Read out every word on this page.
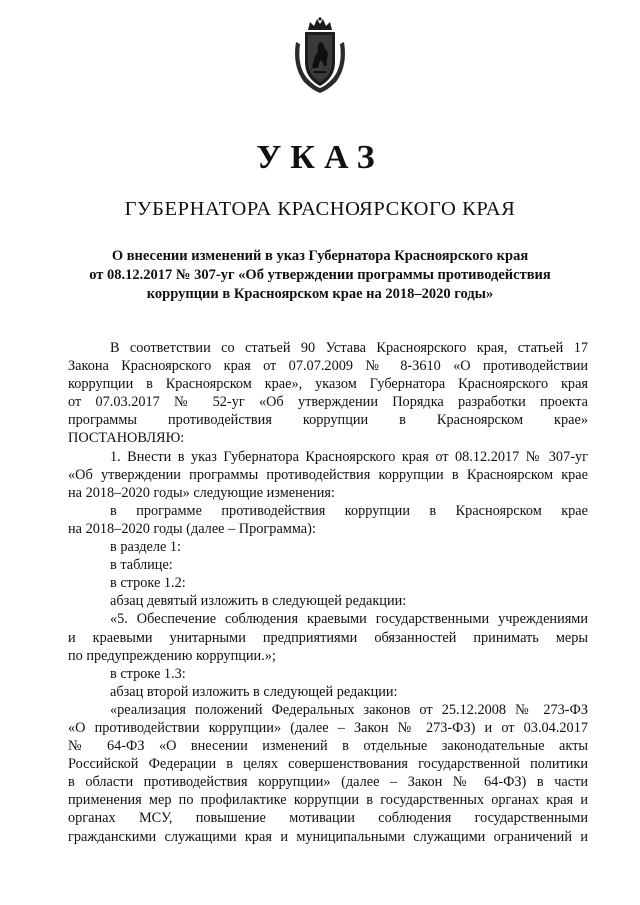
УКАЗ
ГУБЕРНАТОРА КРАСНОЯРСКОГО КРАЯ
О внесении изменений в указ Губернатора Красноярского края
от 08.12.2017 № 307-уг «Об утверждении программы противодействия
коррупции в Красноярском крае на 2018–2020 годы»
В соответствии со статьей 90 Устава Красноярского края, статьей 17
Закона Красноярского края от 07.07.2009 № 8-3610 «О противодействии
коррупции в Красноярском крае», указом Губернатора Красноярского края
от 07.03.2017 № 52-уг «Об утверждении Порядка разработки проекта
программы противодействия коррупции в Красноярском крае»
ПОСТАНОВЛЯЮ:
1. Внести в указ Губернатора Красноярского края от 08.12.2017 № 307-уг
«Об утверждении программы противодействия коррупции в Красноярском крае
на 2018–2020 годы» следующие изменения:
в программе противодействия коррупции в Красноярском крае
на 2018–2020 годы (далее – Программа):
в разделе 1:
в таблице:
в строке 1.2:
абзац девятый изложить в следующей редакции:
«5. Обеспечение соблюдения краевыми государственными учреждениями
и краевыми унитарными предприятиями обязанностей принимать меры
по предупреждению коррупции.»;
в строке 1.3:
абзац второй изложить в следующей редакции:
«реализация положений Федеральных законов от 25.12.2008 № 273-ФЗ
«О противодействии коррупции» (далее – Закон № 273-ФЗ) и от 03.04.2017
№ 64-ФЗ «О внесении изменений в отдельные законодательные акты
Российской Федерации в целях совершенствования государственной политики
в области противодействия коррупции» (далее – Закон № 64-ФЗ) в части
применения мер по профилактике коррупции в государственных органах края и
органах МСУ, повышение мотивации соблюдения государственными
гражданскими служащими края и муниципальными служащими ограничений и
